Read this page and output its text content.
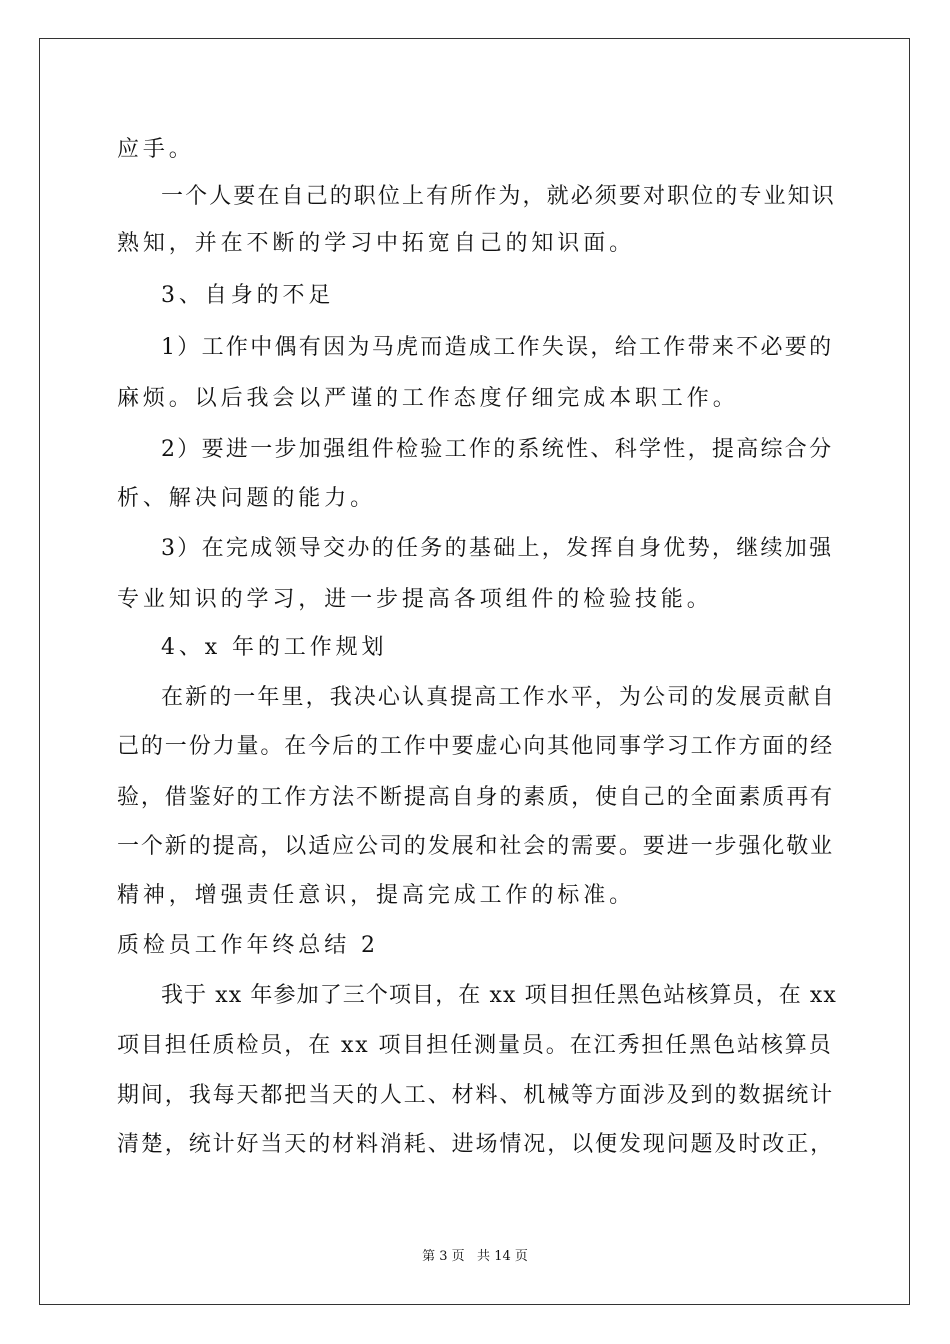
应手。
一个人要在自己的职位上有所作为，就必须要对职位的专业知识
熟知，并在不断的学习中拓宽自己的知识面。
3、自身的不足
1）工作中偶有因为马虎而造成工作失误，给工作带来不必要的
麻烦。以后我会以严谨的工作态度仔细完成本职工作。
2）要进一步加强组件检验工作的系统性、科学性，提高综合分
析、解决问题的能力。
3）在完成领导交办的任务的基础上，发挥自身优势，继续加强
专业知识的学习，进一步提高各项组件的检验技能。
4、x 年的工作规划
在新的一年里，我决心认真提高工作水平，为公司的发展贡献自
己的一份力量。在今后的工作中要虚心向其他同事学习工作方面的经
验，借鉴好的工作方法不断提高自身的素质，使自己的全面素质再有
一个新的提高，以适应公司的发展和社会的需要。要进一步强化敬业
精神，增强责任意识，提高完成工作的标准。
质检员工作年终总结 2
我于 xx 年参加了三个项目，在 xx 项目担任黑色站核算员，在 xx
项目担任质检员，在 xx 项目担任测量员。在江秀担任黑色站核算员
期间，我每天都把当天的人工、材料、机械等方面涉及到的数据统计
清楚，统计好当天的材料消耗、进场情况，以便发现问题及时改正，
第 3 页   共 14 页
